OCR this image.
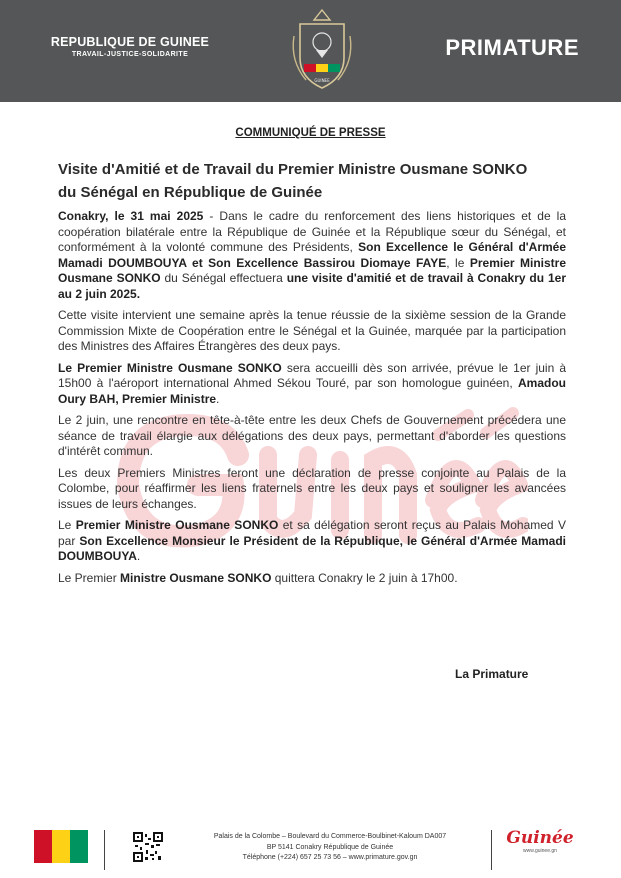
REPUBLIQUE DE GUINEE
TRAVAIL-JUSTICE-SOLIDARITE
GUINEE
PRIMATURE
COMMUNIQUÉ DE PRESSE
Visite d'Amitié et de Travail du Premier Ministre Ousmane SONKO
du Sénégal en République de Guinée

Conakry, le 31 mai 2025 - Dans le cadre du renforcement des liens historiques et de la coopération bilatérale entre la République de Guinée et la République sœur du Sénégal, et conformément à la volonté commune des Présidents, Son Excellence le Général d'Armée Mamadi DOUMBOUYA et Son Excellence Bassirou Diomaye FAYE, le Premier Ministre Ousmane SONKO du Sénégal effectuera une visite d'amitié et de travail à Conakry du 1er au 2 juin 2025.

Cette visite intervient une semaine après la tenue réussie de la sixième session de la Grande Commission Mixte de Coopération entre le Sénégal et la Guinée, marquée par la participation des Ministres des Affaires Étrangères des deux pays.

Le Premier Ministre Ousmane SONKO sera accueilli dès son arrivée, prévue le 1er juin à 15h00 à l'aéroport international Ahmed Sékou Touré, par son homologue guinéen, Amadou Oury BAH, Premier Ministre.

Le 2 juin, une rencontre en tête-à-tête entre les deux Chefs de Gouvernement précédera une séance de travail élargie aux délégations des deux pays, permettant d'aborder les questions d'intérêt commun.

Les deux Premiers Ministres feront une déclaration de presse conjointe au Palais de la Colombe, pour réaffirmer les liens fraternels entre les deux pays et souligner les avancées issues de leurs échanges.

Le Premier Ministre Ousmane SONKO et sa délégation seront reçus au Palais Mohamed V par Son Excellence Monsieur le Président de la République, le Général d'Armée Mamadi DOUMBOUYA.

Le Premier Ministre Ousmane SONKO quittera Conakry le 2 juin à 17h00.

La Primature
Palais de la Colombe – Boulevard du Commerce-Boulbinet-Kaloum DA007
BP 5141 Conakry République de Guinée
Téléphone (+224) 657 25 73 56 – www.primature.gov.gn
Guinée
www.guinee.gn
